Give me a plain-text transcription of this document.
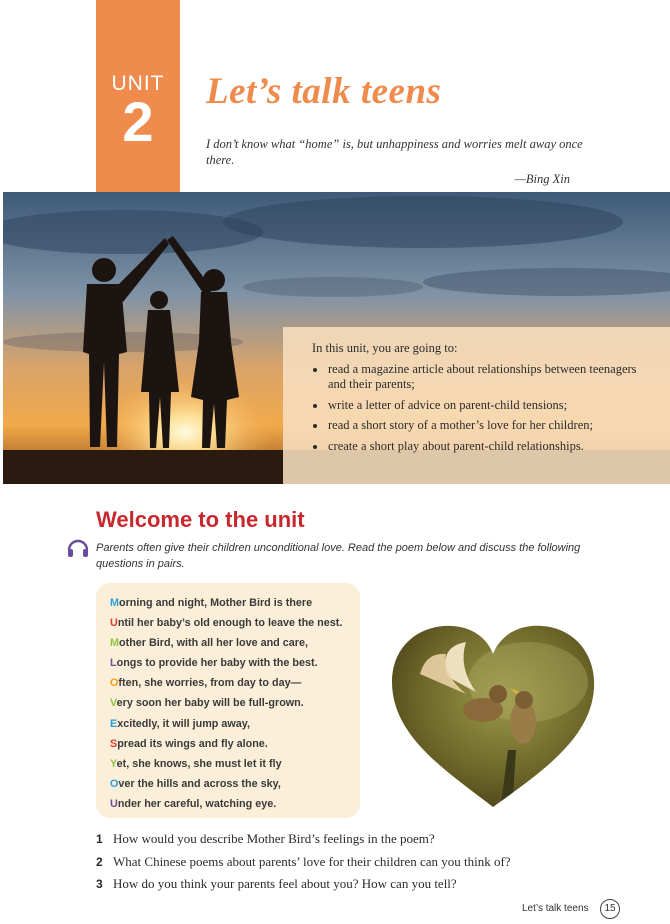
UNIT
2	Let’s talk teens
I don’t know what “home” is, but unhappiness and worries melt away once there.
—Bing Xin

In this unit, you are going to:

read a magazine article about relationships between teenagers and their parents;
write a letter of advice on parent-child tensions;
read a short story of a mother’s love for her children;
create a short play about parent-child relationships.
Welcome to the unit
Parents often give their children unconditional love. Read the poem below and discuss the following questions in pairs.
Morning and night, Mother Bird is there
Until her baby’s old enough to leave the nest.
Mother Bird, with all her love and care,
Longs to provide her baby with the best.
Often, she worries, from day to day—
Very soon her baby will be full-grown.
Excitedly, it will jump away,
Spread its wings and fly alone.
Yet, she knows, she must let it fly
Over the hills and across the sky,
Under her careful, watching eye.
1 How would you describe Mother Bird’s feelings in the poem?
2 What Chinese poems about parents’ love for their children can you think of?
3 How do you think your parents feel about you? How can you tell?
Let’s talk teens	15
